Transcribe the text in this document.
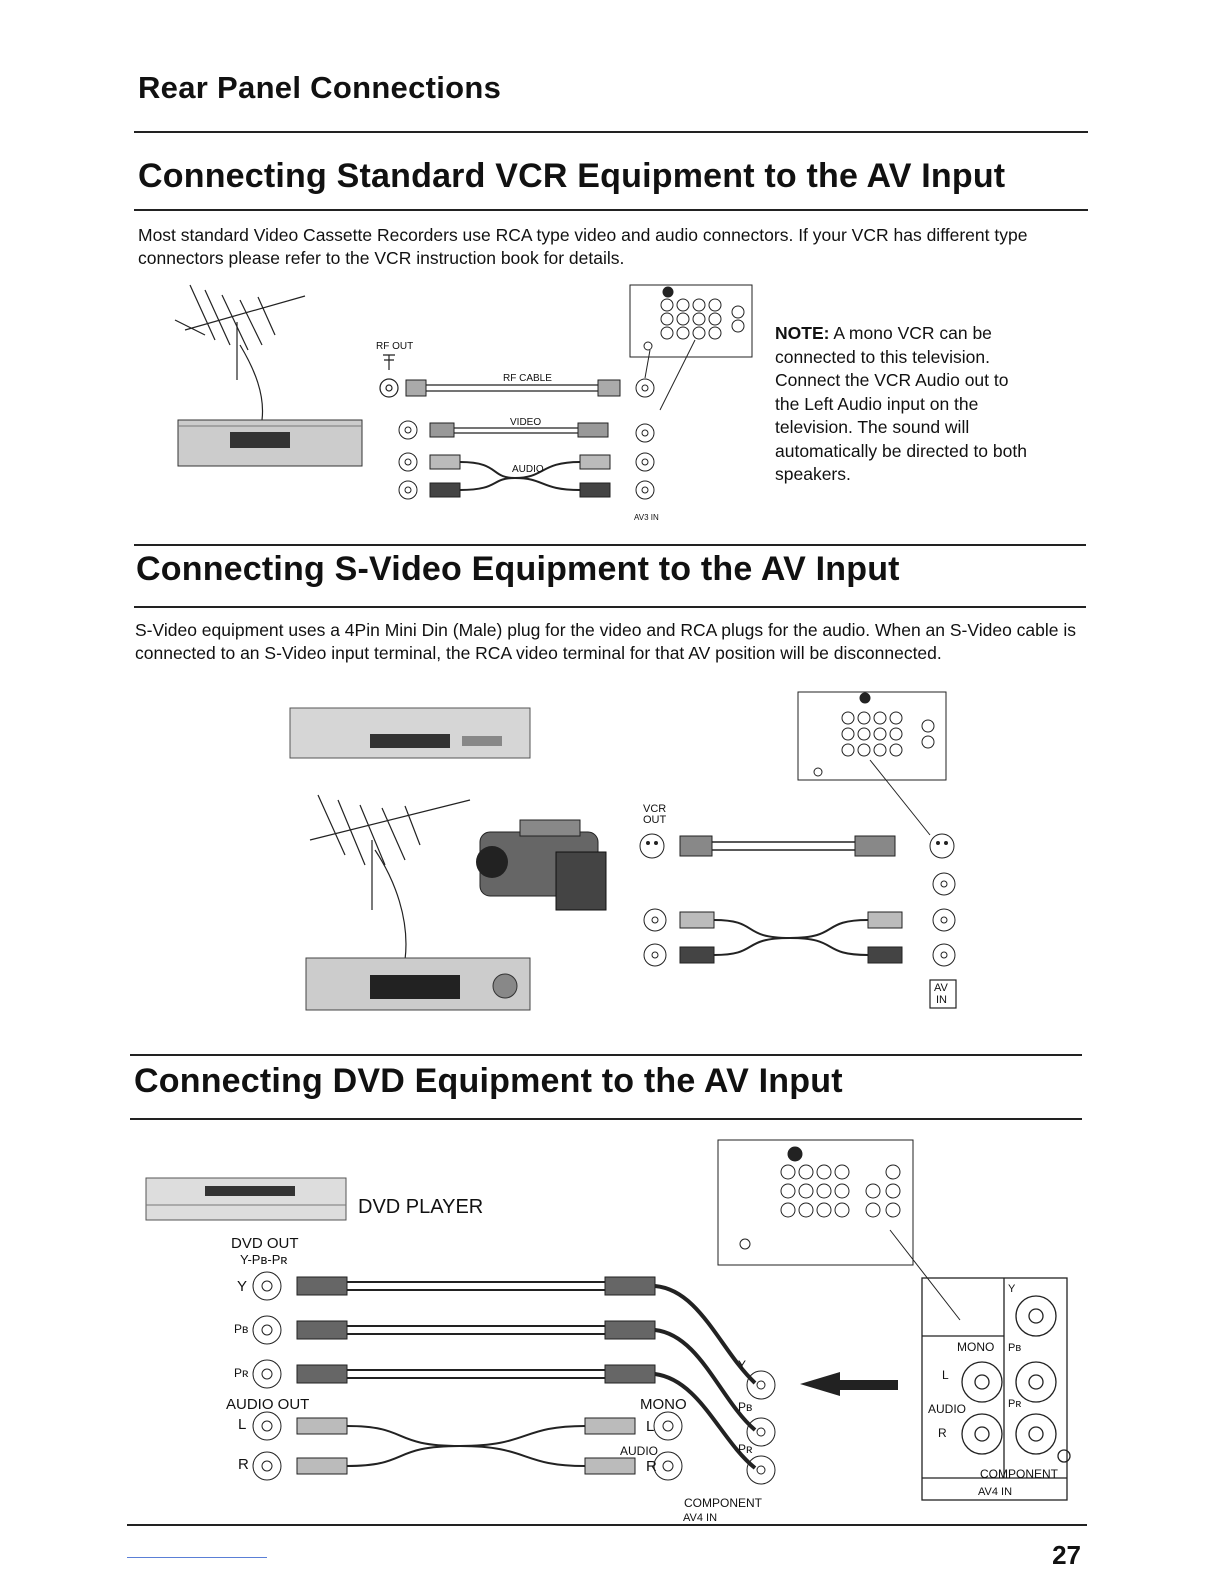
Rear Panel Connections
Connecting Standard VCR Equipment to the AV Input
Most standard Video Cassette Recorders use RCA type video and audio connectors. If your VCR has different type connectors please refer to the VCR instruction book for details.
RF OUT
RF CABLE
VIDEO
AUDIO
AV3 IN
NOTE: A mono VCR can be connected to this television. Connect the VCR Audio out to the Left Audio input on the television. The sound will automatically be directed to both speakers.
Connecting S-Video Equipment to the AV Input
S-Video equipment uses a 4Pin Mini Din (Male) plug for the video and RCA plugs for the audio. When an S-Video cable is connected to an S-Video input terminal, the RCA video terminal for that AV position will be disconnected.
VCR
OUT
AV
IN
Connecting DVD Equipment to the AV Input
DVD PLAYER
DVD OUT
Y-Pʙ-Pʀ
Y
Pʙ
Pʀ
AUDIO OUT
L
R
MONO
L
AUDIO
R
Y
Pʙ
Pʀ
COMPONENT
AV4 IN
MONO
Y
Pʙ
Pʀ
L
AUDIO
R
COMPONENT
AV4 IN
27
